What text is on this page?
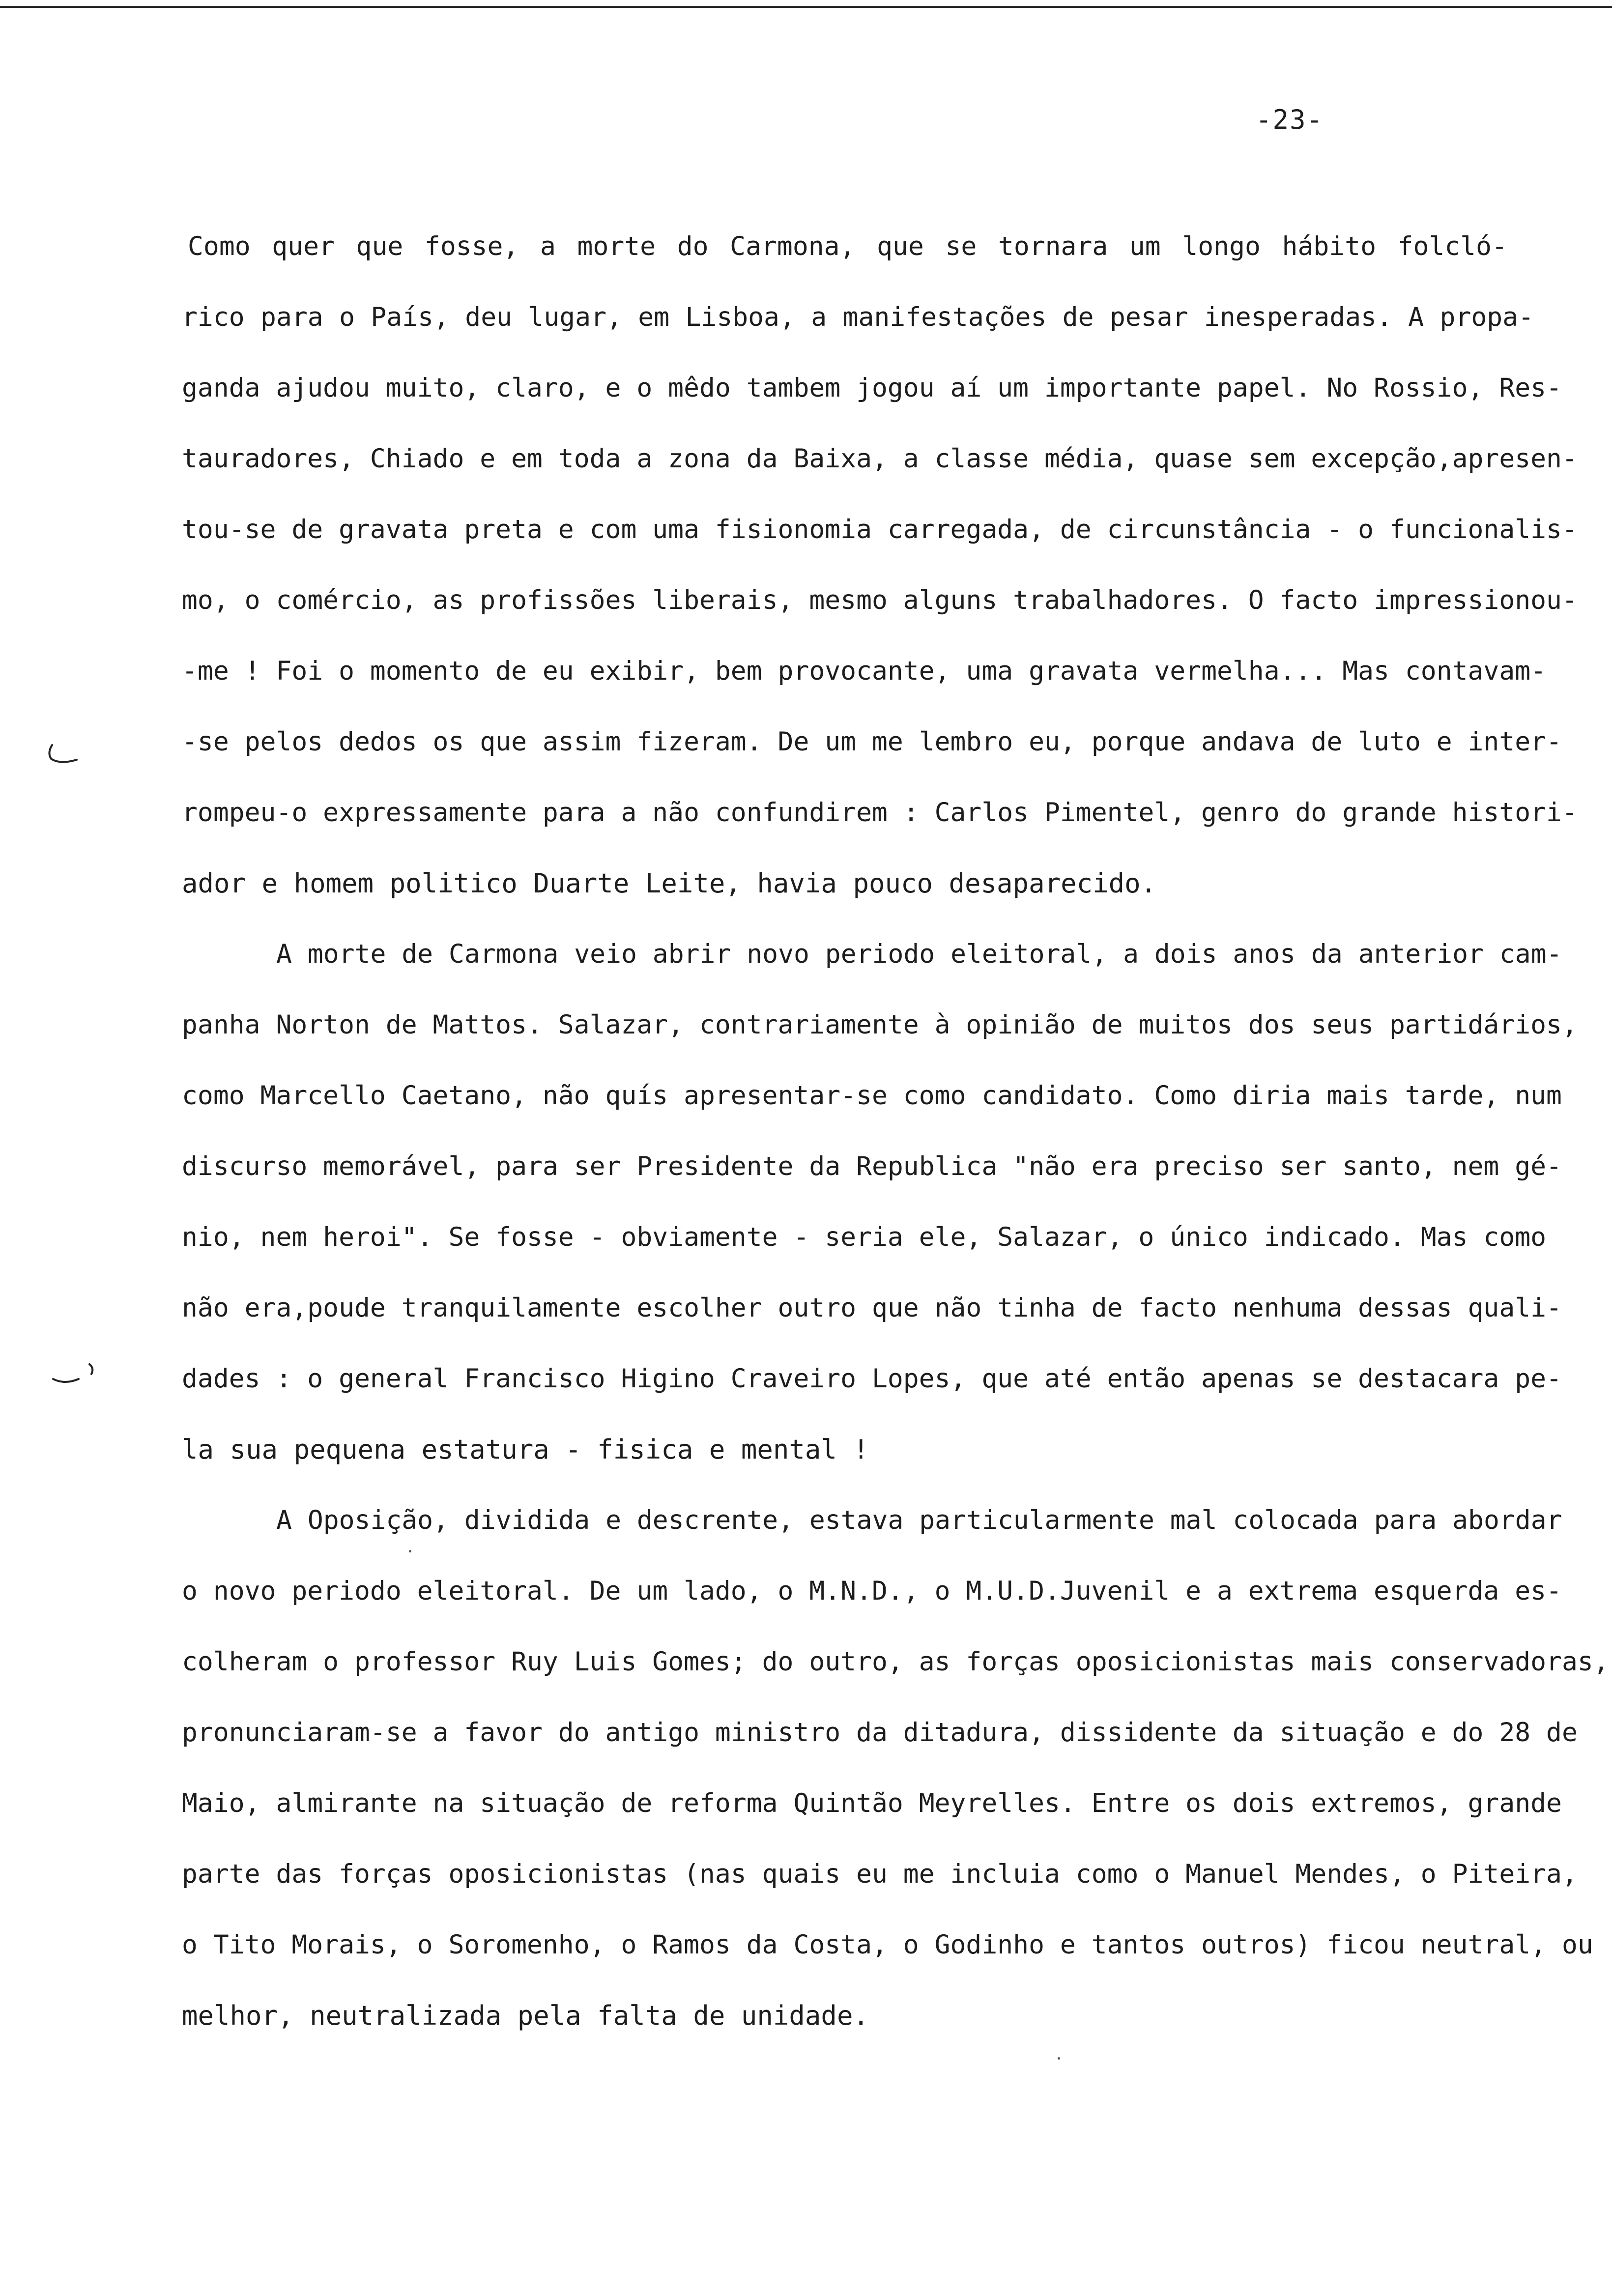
-23-
Como quer que fosse, a morte do Carmona, que se tornara um longo hábito folcló-
rico para o País, deu lugar, em Lisboa, a manifestações de pesar inesperadas. A propa-
ganda ajudou muito, claro, e o mêdo tambem jogou aí um importante papel. No Rossio, Res-
tauradores, Chiado e em toda a zona da Baixa, a classe média, quase sem excepção,apresen-
tou-se de gravata preta e com uma fisionomia carregada, de circunstância - o funcionalis-
mo, o comércio, as profissões liberais, mesmo alguns trabalhadores. O facto impressionou-
-me ! Foi o momento de eu exibir, bem provocante, uma gravata vermelha... Mas contavam-
-se pelos dedos os que assim fizeram. De um me lembro eu, porque andava de luto e inter-
rompeu-o expressamente para a não confundirem : Carlos Pimentel, genro do grande histori-
ador e homem politico Duarte Leite, havia pouco desaparecido.
A morte de Carmona veio abrir novo periodo eleitoral, a dois anos da anterior cam-
panha Norton de Mattos. Salazar, contrariamente à opinião de muitos dos seus partidários,
como Marcello Caetano, não quís apresentar-se como candidato. Como diria mais tarde, num
discurso memorável, para ser Presidente da Republica "não era preciso ser santo, nem gé-
nio, nem heroi". Se fosse - obviamente - seria ele, Salazar, o único indicado. Mas como
não era,poude tranquilamente escolher outro que não tinha de facto nenhuma dessas quali-
dades : o general Francisco Higino Craveiro Lopes, que até então apenas se destacara pe-
la sua pequena estatura - fisica e mental !
A Oposição, dividida e descrente, estava particularmente mal colocada para abordar
o novo periodo eleitoral. De um lado, o M.N.D., o M.U.D.Juvenil e a extrema esquerda es-
colheram o professor Ruy Luis Gomes; do outro, as forças oposicionistas mais conservadoras,
pronunciaram-se a favor do antigo ministro da ditadura, dissidente da situação e do 28 de
Maio, almirante na situação de reforma Quintão Meyrelles. Entre os dois extremos, grande
parte das forças oposicionistas (nas quais eu me incluia como o Manuel Mendes, o Piteira,
o Tito Morais, o Soromenho, o Ramos da Costa, o Godinho e tantos outros) ficou neutral, ou
melhor, neutralizada pela falta de unidade.
